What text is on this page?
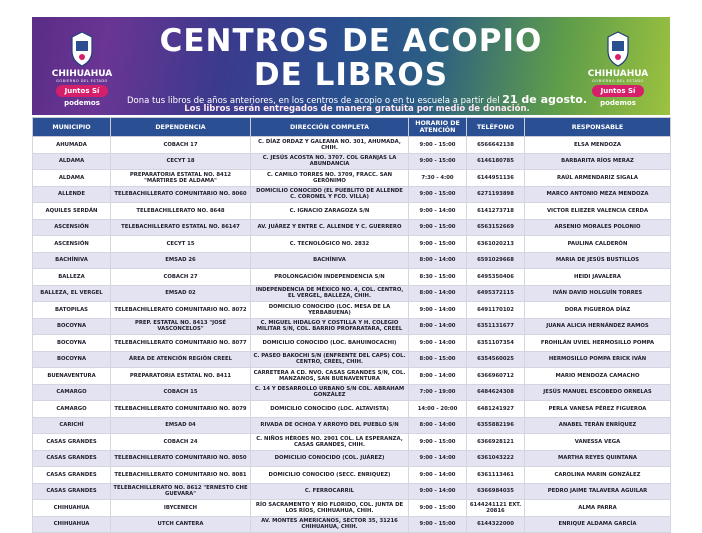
CHIHUAHUA
GOBIERNO DEL ESTADO
Juntos Sí podemos
CENTROS DE ACOPIO
DE LIBROS
Dona tus libros de años anteriores, en los centros de acopio o en tu escuela a partir del 21 de agosto.
Los libros serán entregados de manera gratuita por medio de donación.
CHIHUAHUA
GOBIERNO DEL ESTADO
Juntos Sí podemos
MUNICIPIO	DEPENDENCIA	DIRECCIÓN COMPLETA	HORARIO DE ATENCIÓN	TELÉFONO	RESPONSABLE
AHUMADA	COBACH 17	C. DÍAZ ORDAZ Y GALEANA NO. 301, AHUMADA, CHIH.	9:00 - 15:00	6566642138	ELSA MENDOZA
ALDAMA	CECYT 18	C. JESÚS ACOSTA NO. 3707. COL GRANJAS LA ABUNDANCIA	9:00 - 15:00	6146180785	BARBARITA RÍOS MERAZ
ALDAMA	PREPARATORIA ESTATAL NO. 8412 "MÁRTIRES DE ALDAMA"	C. CAMILO TORRES NO. 3709, FRACC. SAN GERÓNIMO	7:30 - 4:00	6144951136	RAÚL ARMENDARIZ SIGALA
ALLENDE	TELEBACHILLERATO COMUNITARIO NO. 8060	DOMICILIO CONOCIDO (EL PUEBLITO DE ALLENDE C. CORONEL Y FCO. VILLA)	9:00 - 15:00	6271193898	MARCO ANTONIO MEZA MENDOZA
AQUILES SERDÁN	TELEBACHILLERATO NO. 8648	C. IGNACIO ZARAGOZA S/N	9:00 - 14:00	6141273718	VICTOR ELIEZER VALENCIA CERDA
ASCENSIÓN	TELEBACHILLERATO ESTATAL NO. 86147	AV. JUÁREZ Y ENTRE C. ALLENDE Y C. GUERRERO	9:00 - 15:00	6563152669	ARSENIO MORALES POLONIO
ASCENSIÓN	CECYT 15	C. TECNOLÓGICO NO. 2832	9:00 - 15:00	6361020213	PAULINA CALDERÓN
BACHÍNIVA	EMSAD 26	BACHÍNIVA	8:00 - 14:00	6591029668	MARIA DE JESÚS BUSTILLOS
BALLEZA	COBACH 27	PROLONGACIÓN INDEPENDENCIA S/N	8:30 - 15:00	6495350406	HEIDI JAVALERA
BALLEZA, EL VERGEL	EMSAD 02	INDEPENDENCIA DE MÉXICO NO. 4, COL. CENTRO, EL VERGEL, BALLEZA, CHIH.	8:00 - 14:00	6495372115	IVÁN DAVID HOLGUÍN TORRES
BATOPILAS	TELEBACHILLERATO COMUNITARIO NO. 8072	DOMICILIO CONOCIDO (LOC. MESA DE LA YERBABUENA)	9:00 - 14:00	6491170102	DORA FIGUEROA DÍAZ
BOCOYNA	PREP. ESTATAL NO. 8413 "JOSÉ VASCONCELOS"	C. MIGUEL HIDALGO Y COSTILLA Y H. COLEGIO MILITAR S/N, COL. BARRIO PROFARATARA, CREEL	8:00 - 14:00	6351131677	JUANA ALICIA HERNÁNDEZ RAMOS
BOCOYNA	TELEBACHILLERATO COMUNITARIO NO. 8077	DOMICILIO CONOCIDO (LOC. BAHUINOCACHI)	9:00 - 14:00	6351107354	FROHILÁN UVIEL HERMOSILLO POMPA
BOCOYNA	ÁREA DE ATENCIÓN REGIÓN CREEL	C. PASEO BAKOCHI S/N (ENFRENTE DEL CAPS) COL. CENTRO, CREEL, CHIH.	8:00 - 15:00	6354560025	HERMOSILLO POMPA ERICK IVÁN
BUENAVENTURA	PREPARATORIA ESTATAL NO. 8411	CARRETERA A CD. NVO. CASAS GRANDES S/N, COL. MANZANOS, SAN BUENAVENTURA	8:00 - 14:00	6366960712	MARIO MENDOZA CAMACHO
CAMARGO	COBACH 15	C. 14 Y DESARROLLO URBANO S/N COL. ABRAHAM GONZÁLEZ	7:00 - 19:00	6484624308	JESÚS MANUEL ESCOBEDO ORNELAS
CAMARGO	TELEBACHILLERATO COMUNITARIO NO. 8079	DOMICILIO CONOCIDO (LOC. ALTAVISTA)	14:00 - 20:00	6481241927	PERLA VANESA PÉREZ FIGUEROA
CARICHÍ	EMSAD 04	RIVADA DE OCHOA Y ARROYO DEL PUEBLO S/N	8:00 - 14:00	6355882196	ANABEL TERÁN ENRÍQUEZ
CASAS GRANDES	COBACH 24	C. NIÑOS HÉROES NO. 2901 COL. LA ESPERANZA, CASAS GRANDES, CHIH.	9:00 - 15:00	6366928121	VANESSA VEGA
CASAS GRANDES	TELEBACHILLERATO COMUNITARIO NO. 8050	DOMICILIO CONOCIDO (COL. JUÁREZ)	9:00 - 14:00	6361043222	MARTHA REYES QUINTANA
CASAS GRANDES	TELEBACHILLERATO COMUNITARIO NO. 8081	DOMICILIO CONOCIDO (SECC. ENRIQUEZ)	9:00 - 14:00	6361113461	CAROLINA MARIN GONZÁLEZ
CASAS GRANDES	TELEBACHILLERATO NO. 8612 "ERNESTO CHE GUEVARA"	C. FERROCARRIL	9:00 - 14:00	6366984035	PEDRO JAIME TALAVERA AGUILAR
CHIHUAHUA	IBYCENECH	RÍO SACRAMENTO Y RÍO FLORIDO, COL. JUNTA DE LOS RÍOS, CHIHUAHUA, CHIH.	9:00 - 15:00	6144241121 EXT. 20816	ALMA PARRA
CHIHUAHUA	UTCH CANTERA	AV. MONTES AMERICANOS, SECTOR 35, 31216 CHIHUAHUA, CHIH.	9:00 - 15:00	6144322000	ENRIQUE ALDAMA GARCÍA
